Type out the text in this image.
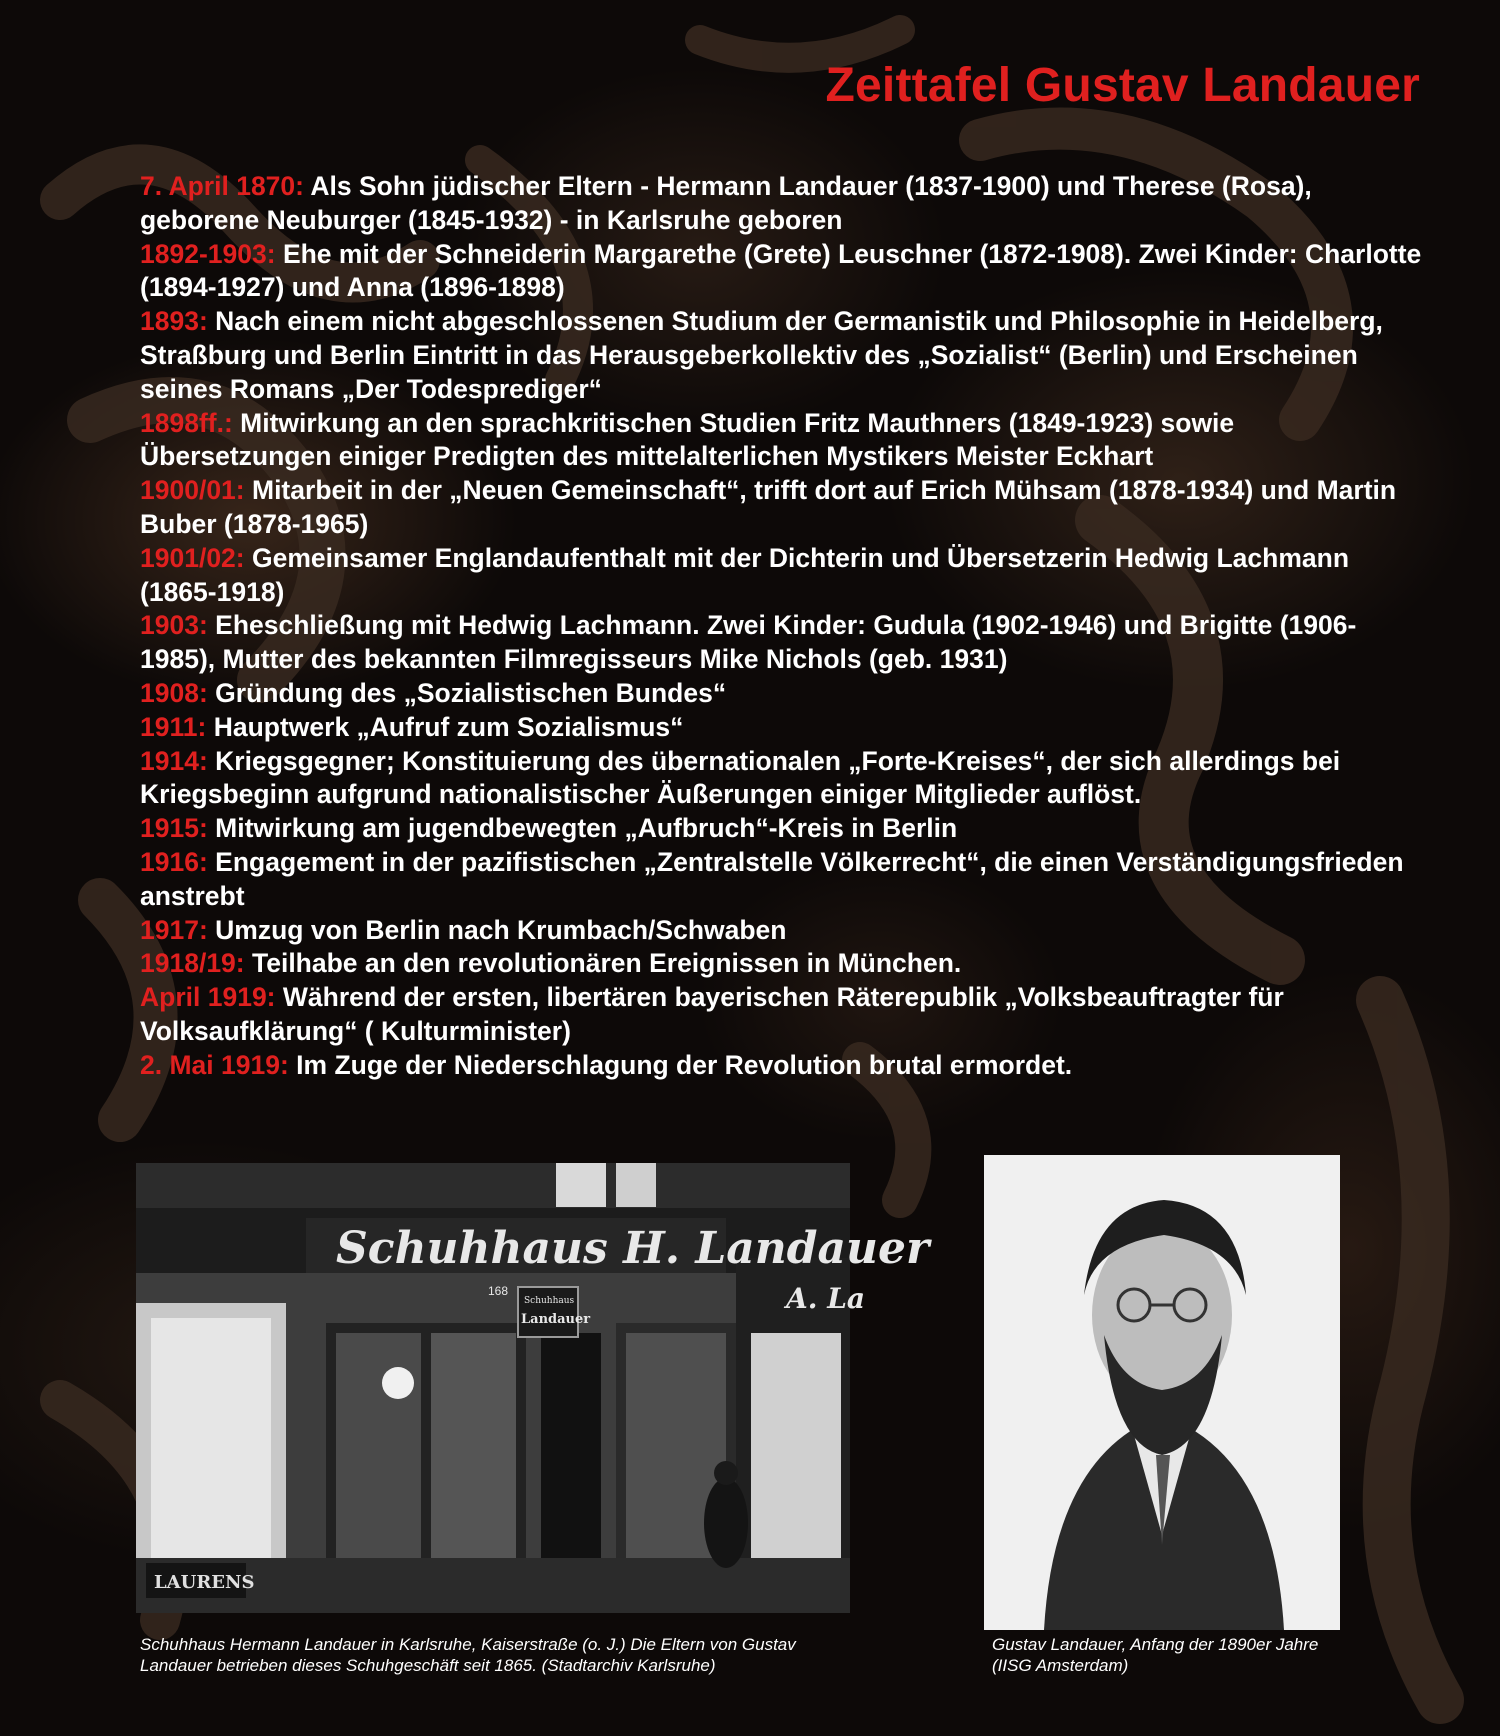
Zeittafel Gustav Landauer

7. April 1870: Als Sohn jüdischer Eltern - Hermann Landauer (1837-1900) und Therese (Rosa), geborene Neuburger (1845-1932) - in Karlsruhe geboren

1892-1903: Ehe mit der Schneiderin Margarethe (Grete) Leuschner (1872-1908). Zwei Kinder: Charlotte (1894-1927) und Anna (1896-1898)

1893: Nach einem nicht abgeschlossenen Studium der Germanistik und Philosophie in Heidelberg, Straßburg und Berlin Eintritt in das Herausgeberkollektiv des „Sozialist“ (Berlin) und Erscheinen seines Romans „Der Todesprediger“

1898ff.: Mitwirkung an den sprachkritischen Studien Fritz Mauthners (1849-1923) sowie Übersetzungen einiger Predigten des mittelalterlichen Mystikers Meister Eckhart

1900/01: Mitarbeit in der „Neuen Gemeinschaft“, trifft dort auf Erich Mühsam (1878-1934) und Martin Buber (1878-1965)

1901/02: Gemeinsamer Englandaufenthalt mit der Dichterin und Übersetzerin Hedwig Lachmann (1865-1918)

1903: Eheschließung mit Hedwig Lachmann. Zwei Kinder: Gudula (1902-1946) und Brigitte (1906-1985), Mutter des bekannten Filmregisseurs Mike Nichols (geb. 1931)

1908: Gründung des „Sozialistischen Bundes“

1911: Hauptwerk „Aufruf zum Sozialismus“

1914: Kriegsgegner; Konstituierung des übernationalen „Forte-Kreises“, der sich allerdings bei Kriegsbeginn aufgrund nationalistischer Äußerungen einiger Mitglieder auflöst.

1915: Mitwirkung am jugendbewegten „Aufbruch“-Kreis in Berlin

1916: Engagement in der pazifistischen „Zentralstelle Völkerrecht“, die einen Verständigungsfrieden anstrebt

1917: Umzug von Berlin nach Krumbach/Schwaben

1918/19: Teilhabe an den revolutionären Ereignissen in München.

April 1919: Während der ersten, libertären bayerischen Räterepublik „Volksbeauftragter für Volksaufklärung“ ( Kulturminister)

2. Mai 1919: Im Zuge der Niederschlagung der Revolution brutal ermordet.

Schuhhaus H. Landauer
168
Schuhhaus
Landauer
A. La
LAURENS

Schuhhaus Hermann Landauer in Karlsruhe, Kaiserstraße (o. J.) Die Eltern von Gustav Landauer betrieben dieses Schuhgeschäft seit 1865. (Stadtarchiv Karlsruhe)

Gustav Landauer, Anfang der 1890er Jahre (IISG Amsterdam)
